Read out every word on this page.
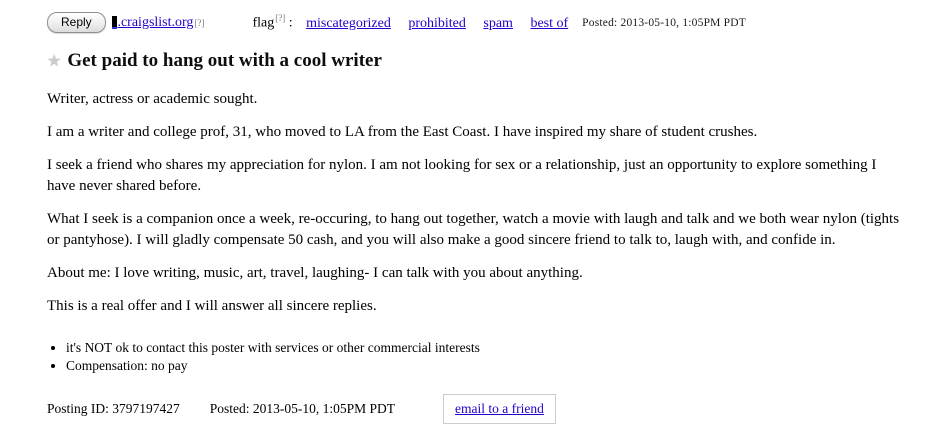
Reply	.craigslist.org [?]	flag[?] : miscategorized prohibited spam best of	Posted: 2013-05-10, 1:05PM PDT
★ Get paid to hang out with a cool writer

Writer, actress or academic sought.

I am a writer and college prof, 31, who moved to LA from the East Coast. I have inspired my share of student crushes.

I seek a friend who shares my appreciation for nylon. I am not looking for sex or a relationship, just an opportunity to explore something I have never shared before.

What I seek is a companion once a week, re-occuring, to hang out together, watch a movie with laugh and talk and we both wear nylon (tights or pantyhose). I will gladly compensate 50 cash, and you will also make a good sincere friend to talk to, laugh with, and confide in.

About me: I love writing, music, art, travel, laughing- I can talk with you about anything.

This is a real offer and I will answer all sincere replies.

• it's NOT ok to contact this poster with services or other commercial interests
• Compensation: no pay
Posting ID: 3797197427 Posted: 2013-05-10, 1:05PM PDT	email to a friend
